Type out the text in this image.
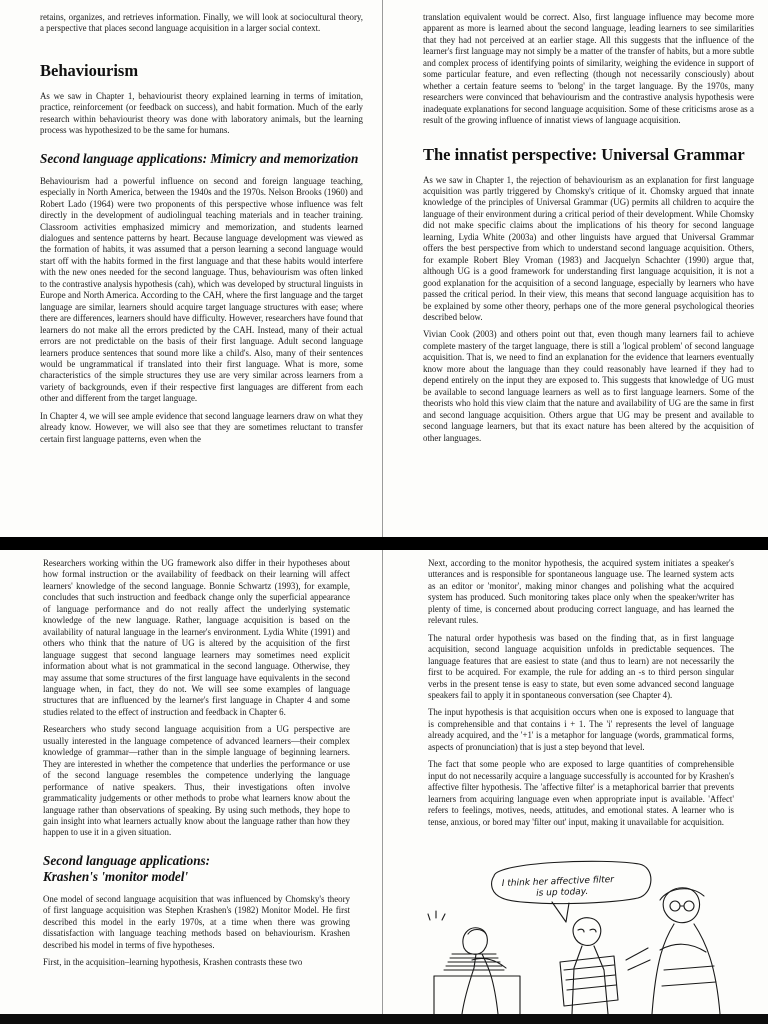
retains, organizes, and retrieves information. Finally, we will look at sociocultural theory, a perspective that places second language acquisition in a larger social context.

Behaviourism

As we saw in Chapter 1, behaviourist theory explained learning in terms of imitation, practice, reinforcement (or feedback on success), and habit formation. Much of the early research within behaviourist theory was done with laboratory animals, but the learning process was hypothesized to be the same for humans.

Second language applications: Mimicry and memorization

Behaviourism had a powerful influence on second and foreign language teaching, especially in North America, between the 1940s and the 1970s. Nelson Brooks (1960) and Robert Lado (1964) were two proponents of this perspective whose influence was felt directly in the development of audiolingual teaching materials and in teacher training. Classroom activities emphasized mimicry and memorization, and students learned dialogues and sentence patterns by heart. Because language development was viewed as the formation of habits, it was assumed that a person learning a second language would start off with the habits formed in the first language and that these habits would interfere with the new ones needed for the second language. Thus, behaviourism was often linked to the contrastive analysis hypothesis (cah), which was developed by structural linguists in Europe and North America. According to the CAH, where the first language and the target language are similar, learners should acquire target language structures with ease; where there are differences, learners should have difficulty. However, researchers have found that learners do not make all the errors predicted by the CAH. Instead, many of their actual errors are not predictable on the basis of their first language. Adult second language learners produce sentences that sound more like a child's. Also, many of their sentences would be ungrammatical if translated into their first language. What is more, some characteristics of the simple structures they use are very similar across learners from a variety of backgrounds, even if their respective first languages are different from each other and different from the target language.

In Chapter 4, we will see ample evidence that second language learners draw on what they already know. However, we will also see that they are sometimes reluctant to transfer certain first language patterns, even when the

translation equivalent would be correct. Also, first language influence may become more apparent as more is learned about the second language, leading learners to see similarities that they had not perceived at an earlier stage. All this suggests that the influence of the learner's first language may not simply be a matter of the transfer of habits, but a more subtle and complex process of identifying points of similarity, weighing the evidence in support of some particular feature, and even reflecting (though not necessarily consciously) about whether a certain feature seems to 'belong' in the target language. By the 1970s, many researchers were convinced that behaviourism and the contrastive analysis hypothesis were inadequate explanations for second language acquisition. Some of these criticisms arose as a result of the growing influence of innatist views of language acquisition.

The innatist perspective: Universal Grammar

As we saw in Chapter 1, the rejection of behaviourism as an explanation for first language acquisition was partly triggered by Chomsky's critique of it. Chomsky argued that innate knowledge of the principles of Universal Grammar (UG) permits all children to acquire the language of their environment during a critical period of their development. While Chomsky did not make specific claims about the implications of his theory for second language learning, Lydia White (2003a) and other linguists have argued that Universal Grammar offers the best perspective from which to understand second language acquisition. Others, for example Robert Bley Vroman (1983) and Jacquelyn Schachter (1990) argue that, although UG is a good framework for understanding first language acquisition, it is not a good explanation for the acquisition of a second language, especially by learners who have passed the critical period. In their view, this means that second language acquisition has to be explained by some other theory, perhaps one of the more general psychological theories described below.

Vivian Cook (2003) and others point out that, even though many learners fail to achieve complete mastery of the target language, there is still a 'logical problem' of second language acquisition. That is, we need to find an explanation for the evidence that learners eventually know more about the language than they could reasonably have learned if they had to depend entirely on the input they are exposed to. This suggests that knowledge of UG must be available to second language learners as well as to first language learners. Some of the theorists who hold this view claim that the nature and availability of UG are the same in first and second language acquisition. Others argue that UG may be present and available to second language learners, but that its exact nature has been altered by the acquisition of other languages.

Researchers working within the UG framework also differ in their hypotheses about how formal instruction or the availability of feedback on their learning will affect learners' knowledge of the second language. Bonnie Schwartz (1993), for example, concludes that such instruction and feedback change only the superficial appearance of language performance and do not really affect the underlying systematic knowledge of the new language. Rather, language acquisition is based on the availability of natural language in the learner's environment. Lydia White (1991) and others who think that the nature of UG is altered by the acquisition of the first language suggest that second language learners may sometimes need explicit information about what is not grammatical in the second language. Otherwise, they may assume that some structures of the first language have equivalents in the second language when, in fact, they do not. We will see some examples of language structures that are influenced by the learner's first language in Chapter 4 and some studies related to the effect of instruction and feedback in Chapter 6.

Researchers who study second language acquisition from a UG perspective are usually interested in the language competence of advanced learners—their complex knowledge of grammar—rather than in the simple language of beginning learners. They are interested in whether the competence that underlies the performance or use of the second language resembles the competence underlying the language performance of native speakers. Thus, their investigations often involve grammaticality judgements or other methods to probe what learners know about the language rather than observations of speaking. By using such methods, they hope to gain insight into what learners actually know about the language rather than how they happen to use it in a given situation.

Second language applications: Krashen's 'monitor model'

One model of second language acquisition that was influenced by Chomsky's theory of first language acquisition was Stephen Krashen's (1982) Monitor Model. He first described this model in the early 1970s, at a time when there was growing dissatisfaction with language teaching methods based on behaviourism. Krashen described his model in terms of five hypotheses.

First, in the acquisition–learning hypothesis, Krashen contrasts these two

Next, according to the monitor hypothesis, the acquired system initiates a speaker's utterances and is responsible for spontaneous language use. The learned system acts as an editor or 'monitor', making minor changes and polishing what the acquired system has produced. Such monitoring takes place only when the speaker/writer has plenty of time, is concerned about producing correct language, and has learned the relevant rules.

The natural order hypothesis was based on the finding that, as in first language acquisition, second language acquisition unfolds in predictable sequences. The language features that are easiest to state (and thus to learn) are not necessarily the first to be acquired. For example, the rule for adding an -s to third person singular verbs in the present tense is easy to state, but even some advanced second language speakers fail to apply it in spontaneous conversation (see Chapter 4).

The input hypothesis is that acquisition occurs when one is exposed to language that is comprehensible and that contains i + 1. The 'i' represents the level of language already acquired, and the '+1' is a metaphor for language (words, grammatical forms, aspects of pronunciation) that is just a step beyond that level.

The fact that some people who are exposed to large quantities of comprehensible input do not necessarily acquire a language successfully is accounted for by Krashen's affective filter hypothesis. The 'affective filter' is a metaphorical barrier that prevents learners from acquiring language even when appropriate input is available. 'Affect' refers to feelings, motives, needs, attitudes, and emotional states. A learner who is tense, anxious, or bored may 'filter out' input, making it unavailable for acquisition.

I think her affective filter
is up today.
